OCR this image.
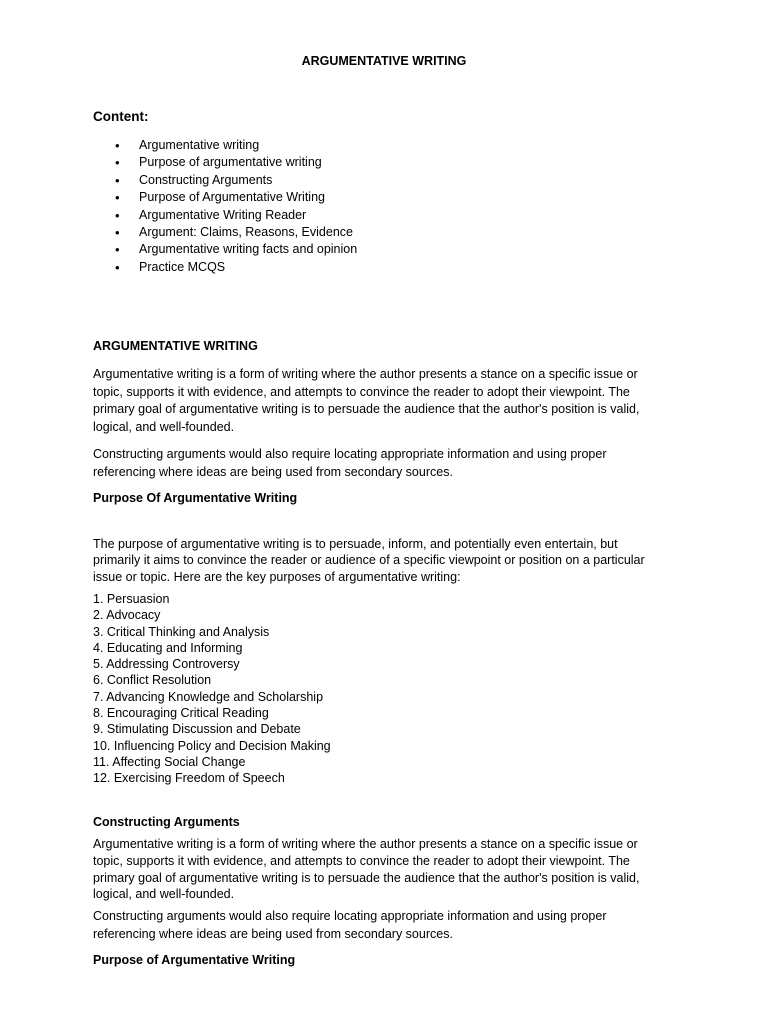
ARGUMENTATIVE WRITING
Content:
• Argumentative writing
• Purpose of argumentative writing
• Constructing Arguments
• Purpose of Argumentative Writing
• Argumentative Writing Reader
• Argument: Claims, Reasons, Evidence
• Argumentative writing facts and opinion
• Practice MCQS
ARGUMENTATIVE WRITING
Argumentative writing is a form of writing where the author presents a stance on a specific issue or
topic, supports it with evidence, and attempts to convince the reader to adopt their viewpoint. The
primary goal of argumentative writing is to persuade the audience that the author's position is valid,
logical, and well-founded.
Constructing arguments would also require locating appropriate information and using proper
referencing where ideas are being used from secondary sources.
Purpose Of Argumentative Writing
The purpose of argumentative writing is to persuade, inform, and potentially even entertain, but
primarily it aims to convince the reader or audience of a specific viewpoint or position on a particular
issue or topic. Here are the key purposes of argumentative writing:
1. Persuasion
2. Advocacy
3. Critical Thinking and Analysis
4. Educating and Informing
5. Addressing Controversy
6. Conflict Resolution
7. Advancing Knowledge and Scholarship
8. Encouraging Critical Reading
9. Stimulating Discussion and Debate
10. Influencing Policy and Decision Making
11. Affecting Social Change
12. Exercising Freedom of Speech
Constructing Arguments
Argumentative writing is a form of writing where the author presents a stance on a specific issue or
topic, supports it with evidence, and attempts to convince the reader to adopt their viewpoint. The
primary goal of argumentative writing is to persuade the audience that the author's position is valid,
logical, and well-founded.
Constructing arguments would also require locating appropriate information and using proper
referencing where ideas are being used from secondary sources.
Purpose of Argumentative Writing
